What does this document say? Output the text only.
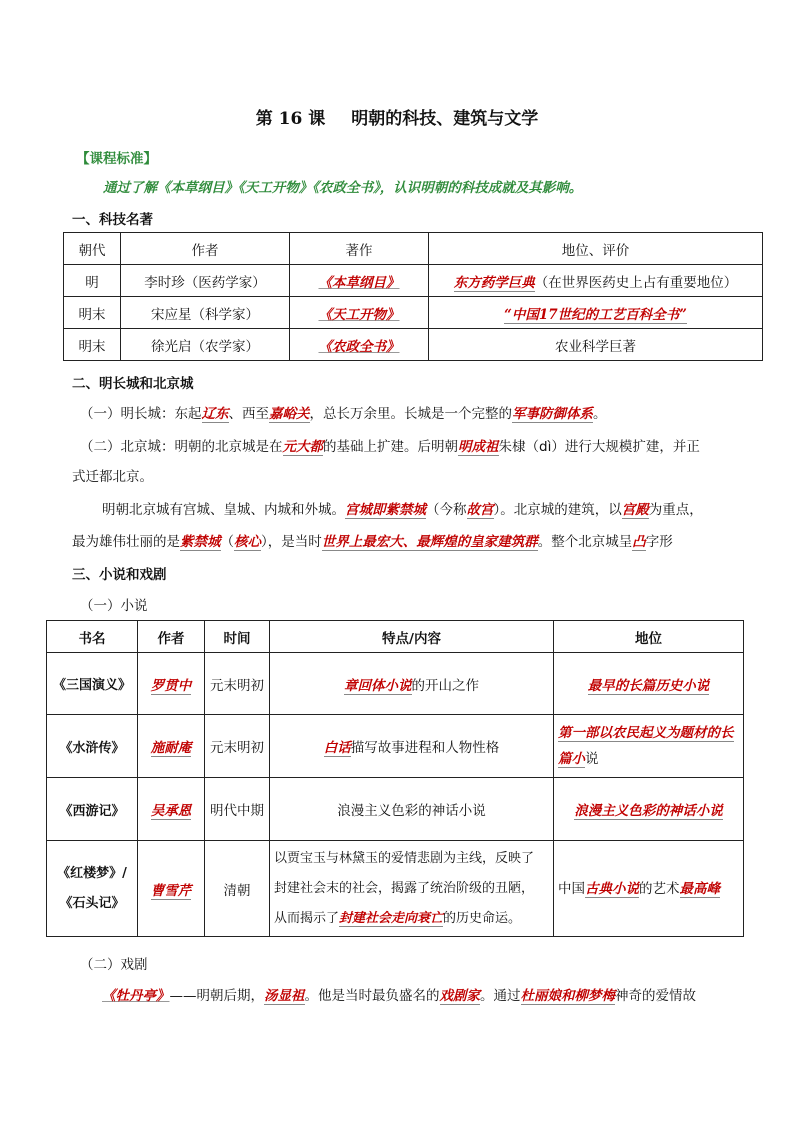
第 16 课 明朝的科技、建筑与文学
【课程标准】
通过了解《本草纲目》《天工开物》《农政全书》，认识明朝的科技成就及其影响。
一、科技名著
朝代	作者	著作	地位、评价
明	李时珍（医药学家）	《本草纲目》	东方药学巨典（在世界医药史上占有重要地位）
明末	宋应星（科学家）	《天工开物》	“中国17世纪的工艺百科全书”
明末	徐光启（农学家）	《农政全书》	农业科学巨著
二、明长城和北京城
（一）明长城：东起辽东、西至嘉峪关，总长万余里。长城是一个完整的军事防御体系。
（二）北京城：明朝的北京城是在元大都的基础上扩建。后明朝明成祖朱棣（dì）进行大规模扩建，并正
式迁都北京。
明朝北京城有宫城、皇城、内城和外城。宫城即紫禁城（今称故宫）。北京城的建筑，以宫殿为重点，
最为雄伟壮丽的是紫禁城（核心），是当时世界上最宏大、最辉煌的皇家建筑群。整个北京城呈凸字形
三、小说和戏剧
（一）小说
书名	作者	时间	特点/内容	地位
《三国演义》	罗贯中	元末明初	章回体小说的开山之作	最早的长篇历史小说
《水浒传》	施耐庵	元末明初	白话描写故事进程和人物性格	第一部以农民起义为题材的长篇小说
《西游记》	吴承恩	明代中期	浪漫主义色彩的神话小说	浪漫主义色彩的神话小说
《红楼梦》/
《石头记》	曹雪芹	清朝	以贾宝玉与林黛玉的爱情悲剧为主线，反映了
封建社会末的社会，揭露了统治阶级的丑陋，
从而揭示了封建社会走向衰亡的历史命运。	中国古典小说的艺术最高峰
（二）戏剧
《牡丹亭》——明朝后期，汤显祖。他是当时最负盛名的戏剧家。通过杜丽娘和柳梦梅神奇的爱情故
